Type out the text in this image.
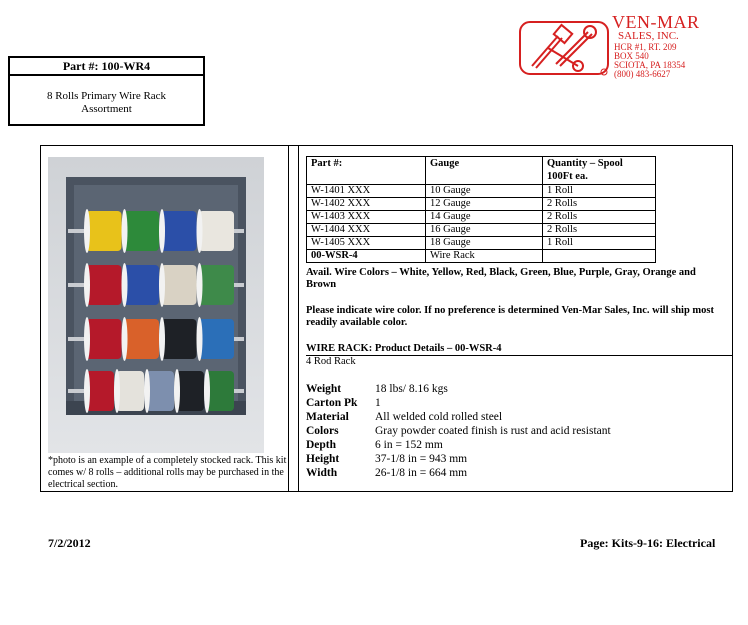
VEN-MAR
SALES, INC.
HCR #1, RT. 209
BOX 540
SCIOTA, PA 18354
(800) 483-6627
Part #: 100-WR4
8 Rolls Primary Wire Rack
Assortment
*photo is an example of a completely stocked rack. This kit comes w/ 8 rolls – additional rolls may be purchased in the electrical section.
Part #:	Gauge	Quantity – Spool 100Ft ea.
W-1401 XXX	10 Gauge	1 Roll
W-1402 XXX	12 Gauge	2 Rolls
W-1403 XXX	14 Gauge	2 Rolls
W-1404 XXX	16 Gauge	2 Rolls
W-1405 XXX	18 Gauge	1 Roll
00-WSR-4	Wire Rack	
Avail. Wire Colors – White, Yellow, Red, Black, Green, Blue, Purple, Gray, Orange and Brown
Please indicate wire color. If no preference is determined Ven-Mar Sales, Inc. will ship most readily available color.
WIRE RACK: Product Details – 00-WSR-4
4 Rod Rack
Weight	18 lbs/ 8.16 kgs
Carton Pk	1
Material	All welded cold rolled steel
Colors	Gray powder coated finish is rust and acid resistant
Depth	6 in = 152 mm
Height	37-1/8 in = 943 mm
Width	26-1/8 in = 664 mm
7/2/2012	Page: Kits-9-16: Electrical
